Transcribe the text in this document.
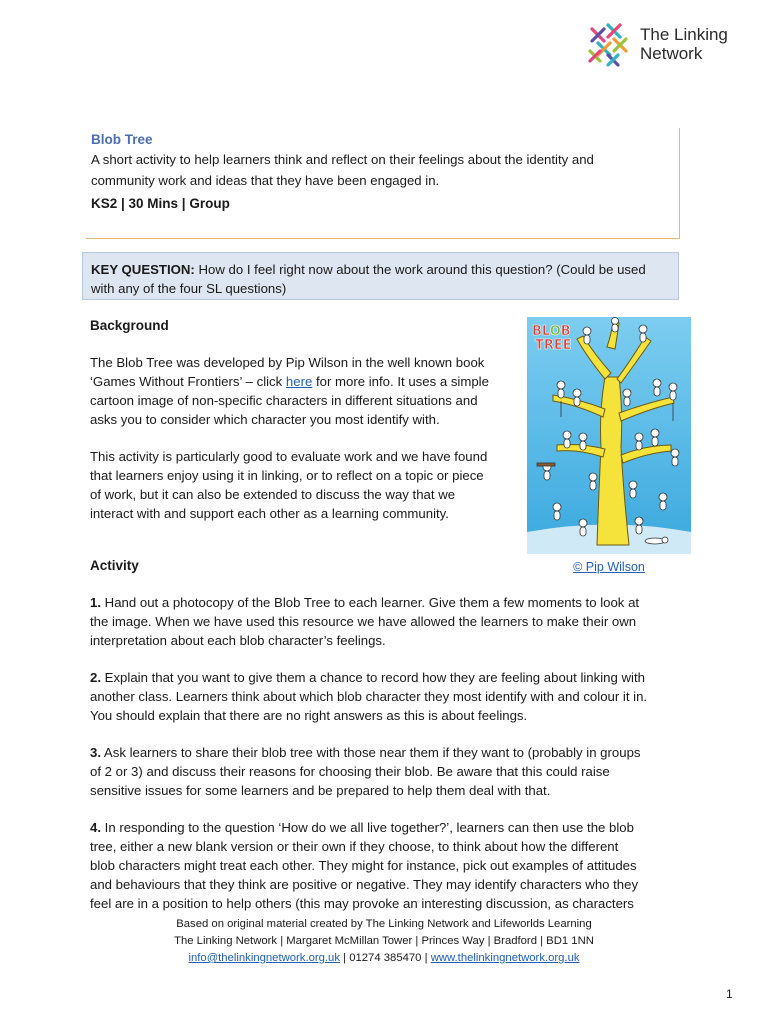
The Linking
Network
Blob Tree
A short activity to help learners think and reflect on their feelings about the identity and
community work and ideas that they have been engaged in.
KS2 | 30 Mins | Group
KEY QUESTION: How do I feel right now about the work around this question? (Could be used
with any of the four SL questions)
Background
The Blob Tree was developed by Pip Wilson in the well known book
‘Games Without Frontiers’ – click here for more info. It uses a simple
cartoon image of non-specific characters in different situations and
asks you to consider which character you most identify with.
This activity is particularly good to evaluate work and we have found
that learners enjoy using it in linking, or to reflect on a topic or piece
of work, but it can also be extended to discuss the way that we
interact with and support each other as a learning community.
BLOB
TREE
© Pip Wilson
Activity
1. Hand out a photocopy of the Blob Tree to each learner. Give them a few moments to look at
the image. When we have used this resource we have allowed the learners to make their own
interpretation about each blob character’s feelings.
2. Explain that you want to give them a chance to record how they are feeling about linking with
another class. Learners think about which blob character they most identify with and colour it in.
You should explain that there are no right answers as this is about feelings.
3. Ask learners to share their blob tree with those near them if they want to (probably in groups
of 2 or 3) and discuss their reasons for choosing their blob. Be aware that this could raise
sensitive issues for some learners and be prepared to help them deal with that.
4. In responding to the question ‘How do we all live together?’, learners can then use the blob
tree, either a new blank version or their own if they choose, to think about how the different
blob characters might treat each other. They might for instance, pick out examples of attitudes
and behaviours that they think are positive or negative. They may identify characters who they
feel are in a position to help others (this may provoke an interesting discussion, as characters
Based on original material created by The Linking Network and Lifeworlds Learning
The Linking Network | Margaret McMillan Tower | Princes Way | Bradford | BD1 1NN
info@thelinkingnetwork.org.uk | 01274 385470 | www.thelinkingnetwork.org.uk
1
